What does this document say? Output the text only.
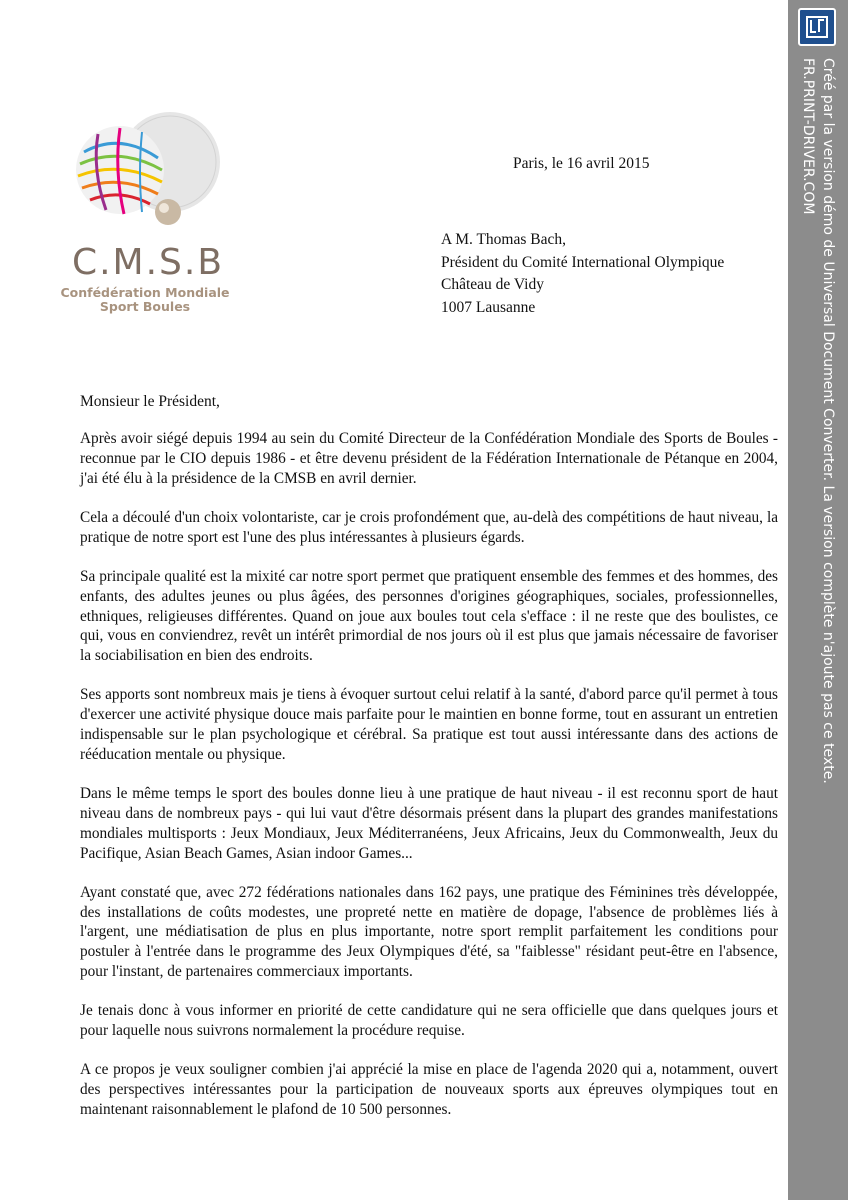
C.M.S.B
Confédération Mondiale
Sport Boules
Paris, le 16 avril 2015
A M. Thomas Bach,
Président du Comité International Olympique
Château de Vidy
1007 Lausanne
Monsieur le Président,

Après avoir siégé depuis 1994 au sein du Comité Directeur de la Confédération Mondiale des Sports de Boules - reconnue par le CIO depuis 1986 - et être devenu président de la Fédération Internationale de Pétanque en 2004, j'ai été élu à la présidence de la CMSB en avril dernier.

Cela a découlé d'un choix volontariste, car je crois profondément que, au-delà des compétitions de haut niveau, la pratique de notre sport est l'une des plus intéressantes à plusieurs égards.

Sa principale qualité est la mixité car notre sport permet que pratiquent ensemble des femmes et des hommes, des enfants, des adultes jeunes ou plus âgées, des personnes d'origines géographiques, sociales, professionnelles, ethniques, religieuses différentes. Quand on joue aux boules tout cela s'efface : il ne reste que des boulistes, ce qui, vous en conviendrez, revêt un intérêt primordial de nos jours où il est plus que jamais nécessaire de favoriser la sociabilisation en bien des endroits.

Ses apports sont nombreux mais je tiens à évoquer surtout celui relatif à la santé, d'abord parce qu'il permet à tous d'exercer une activité physique douce mais parfaite pour le maintien en bonne forme, tout en assurant un entretien indispensable sur le plan psychologique et cérébral. Sa pratique est tout aussi intéressante dans des actions de rééducation mentale ou physique.

Dans le même temps le sport des boules donne lieu à une pratique de haut niveau - il est reconnu sport de haut niveau dans de nombreux pays - qui lui vaut d'être désormais présent dans la plupart des grandes manifestations mondiales multisports : Jeux Mondiaux, Jeux Méditerranéens, Jeux Africains, Jeux du Commonwealth, Jeux du Pacifique, Asian Beach Games, Asian indoor Games...

Ayant constaté que, avec 272 fédérations nationales dans 162 pays, une pratique des Féminines très développée, des installations de coûts modestes, une propreté nette en matière de dopage, l'absence de problèmes liés à l'argent, une médiatisation de plus en plus importante, notre sport remplit parfaitement les conditions pour postuler à l'entrée dans le programme des Jeux Olympiques d'été, sa "faiblesse" résidant peut-être en l'absence, pour l'instant, de partenaires commerciaux importants.

Je tenais donc à vous informer en priorité de cette candidature qui ne sera officielle que dans quelques jours et pour laquelle nous suivrons normalement la procédure requise.

A ce propos je veux souligner combien j'ai apprécié la mise en place de l'agenda 2020 qui a, notamment, ouvert des perspectives intéressantes pour la participation de nouveaux sports aux épreuves olympiques tout en maintenant raisonnablement le plafond de 10 500 personnes.

Créé par la version démo de Universal Document Converter. La version complète n'ajoute pas ce texte.
FR.PRINT-DRIVER.COM
